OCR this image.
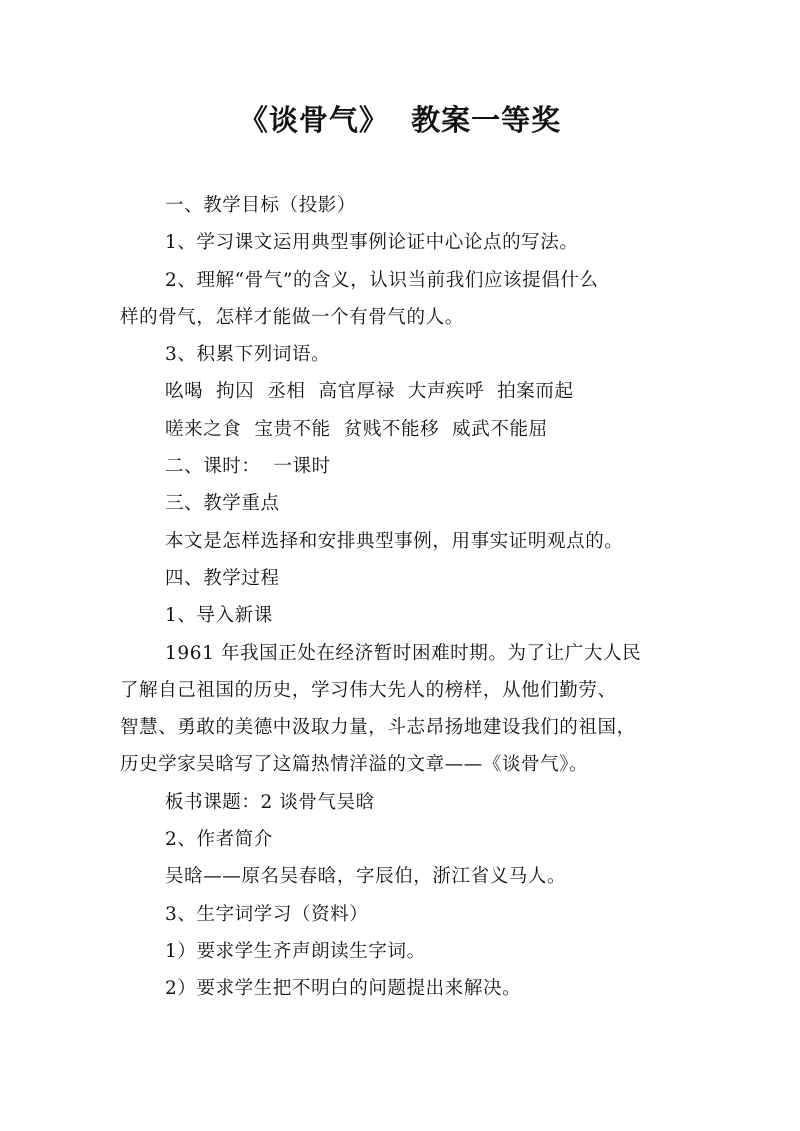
《谈骨气》  教案一等奖
一、教学目标（投影）
1、学习课文运用典型事例论证中心论点的写法。
2、理解“骨气”的含义，认识当前我们应该提倡什么
样的骨气，怎样才能做一个有骨气的人。
3、积累下列词语。
吆喝  拘囚  丞相  高官厚禄  大声疾呼  拍案而起
嗟来之食  宝贵不能  贫贱不能移  威武不能屈
二、课时：  一课时
三、教学重点
本文是怎样选择和安排典型事例，用事实证明观点的。
四、教学过程
1、导入新课
1961 年我国正处在经济暂时困难时期。为了让广大人民
了解自己祖国的历史，学习伟大先人的榜样，从他们勤劳、
智慧、勇敢的美德中汲取力量，斗志昂扬地建设我们的祖国，
历史学家吴晗写了这篇热情洋溢的文章——《谈骨气》。
板书课题：2 谈骨气吴晗
2、作者简介
吴晗——原名吴春晗，字辰伯，浙江省义马人。
3、生字词学习（资料）
1）要求学生齐声朗读生字词。
2）要求学生把不明白的问题提出来解决。
